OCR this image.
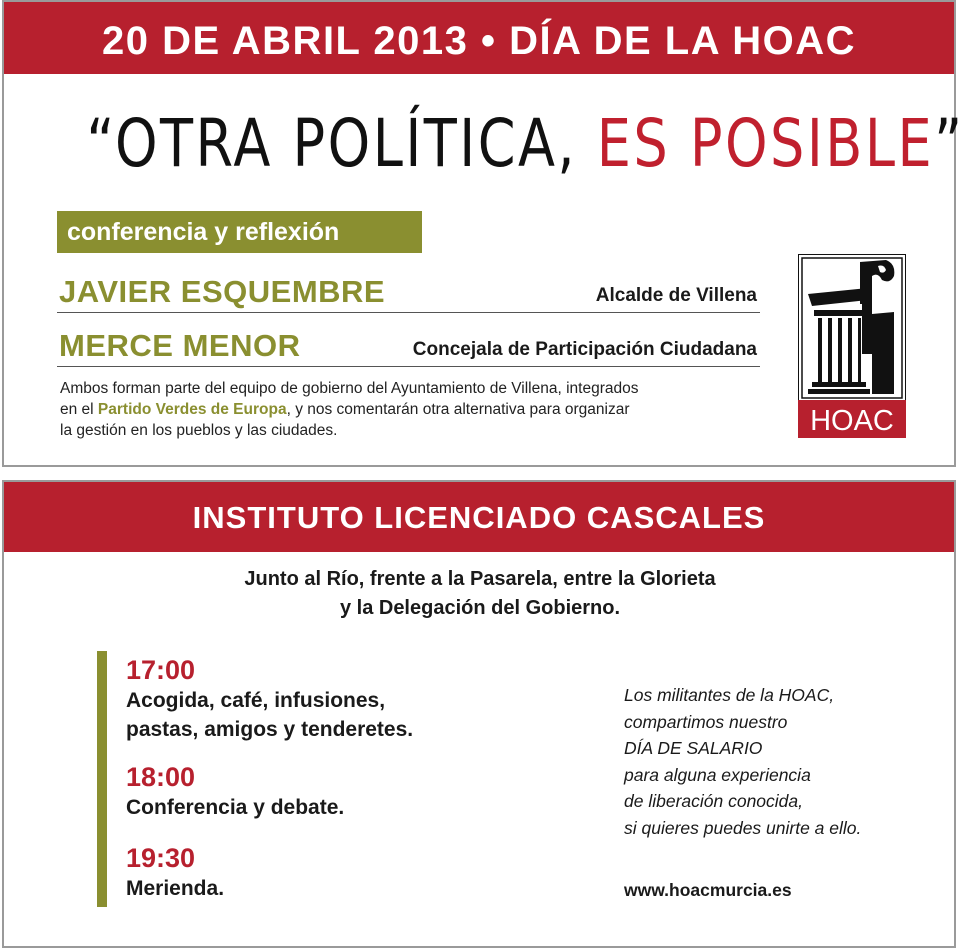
20 DE ABRIL 2013 • DÍA DE LA HOAC
“OTRA POLÍTICA, ES POSIBLE”
conferencia y reflexión
JAVIER ESQUEMBRE	Alcalde de Villena
MERCE MENOR	Concejala de Participación Ciudadana
Ambos forman parte del equipo de gobierno del Ayuntamiento de Villena, integrados
en el Partido Verdes de Europa, y nos comentarán otra alternativa para organizar
la gestión en los pueblos y las ciudades.	HOAC
INSTITUTO LICENCIADO CASCALES
Junto al Río, frente a la Pasarela, entre la Glorieta
y la Delegación del Gobierno.
17:00
Acogida, café, infusiones,
pastas, amigos y tenderetes.
18:00
Conferencia y debate.
19:30
Merienda.
Los militantes de la HOAC,
compartimos nuestro
DÍA DE SALARIO
para alguna experiencia
de liberación conocida,
si quieres puedes unirte a ello.
www.hoacmurcia.es
